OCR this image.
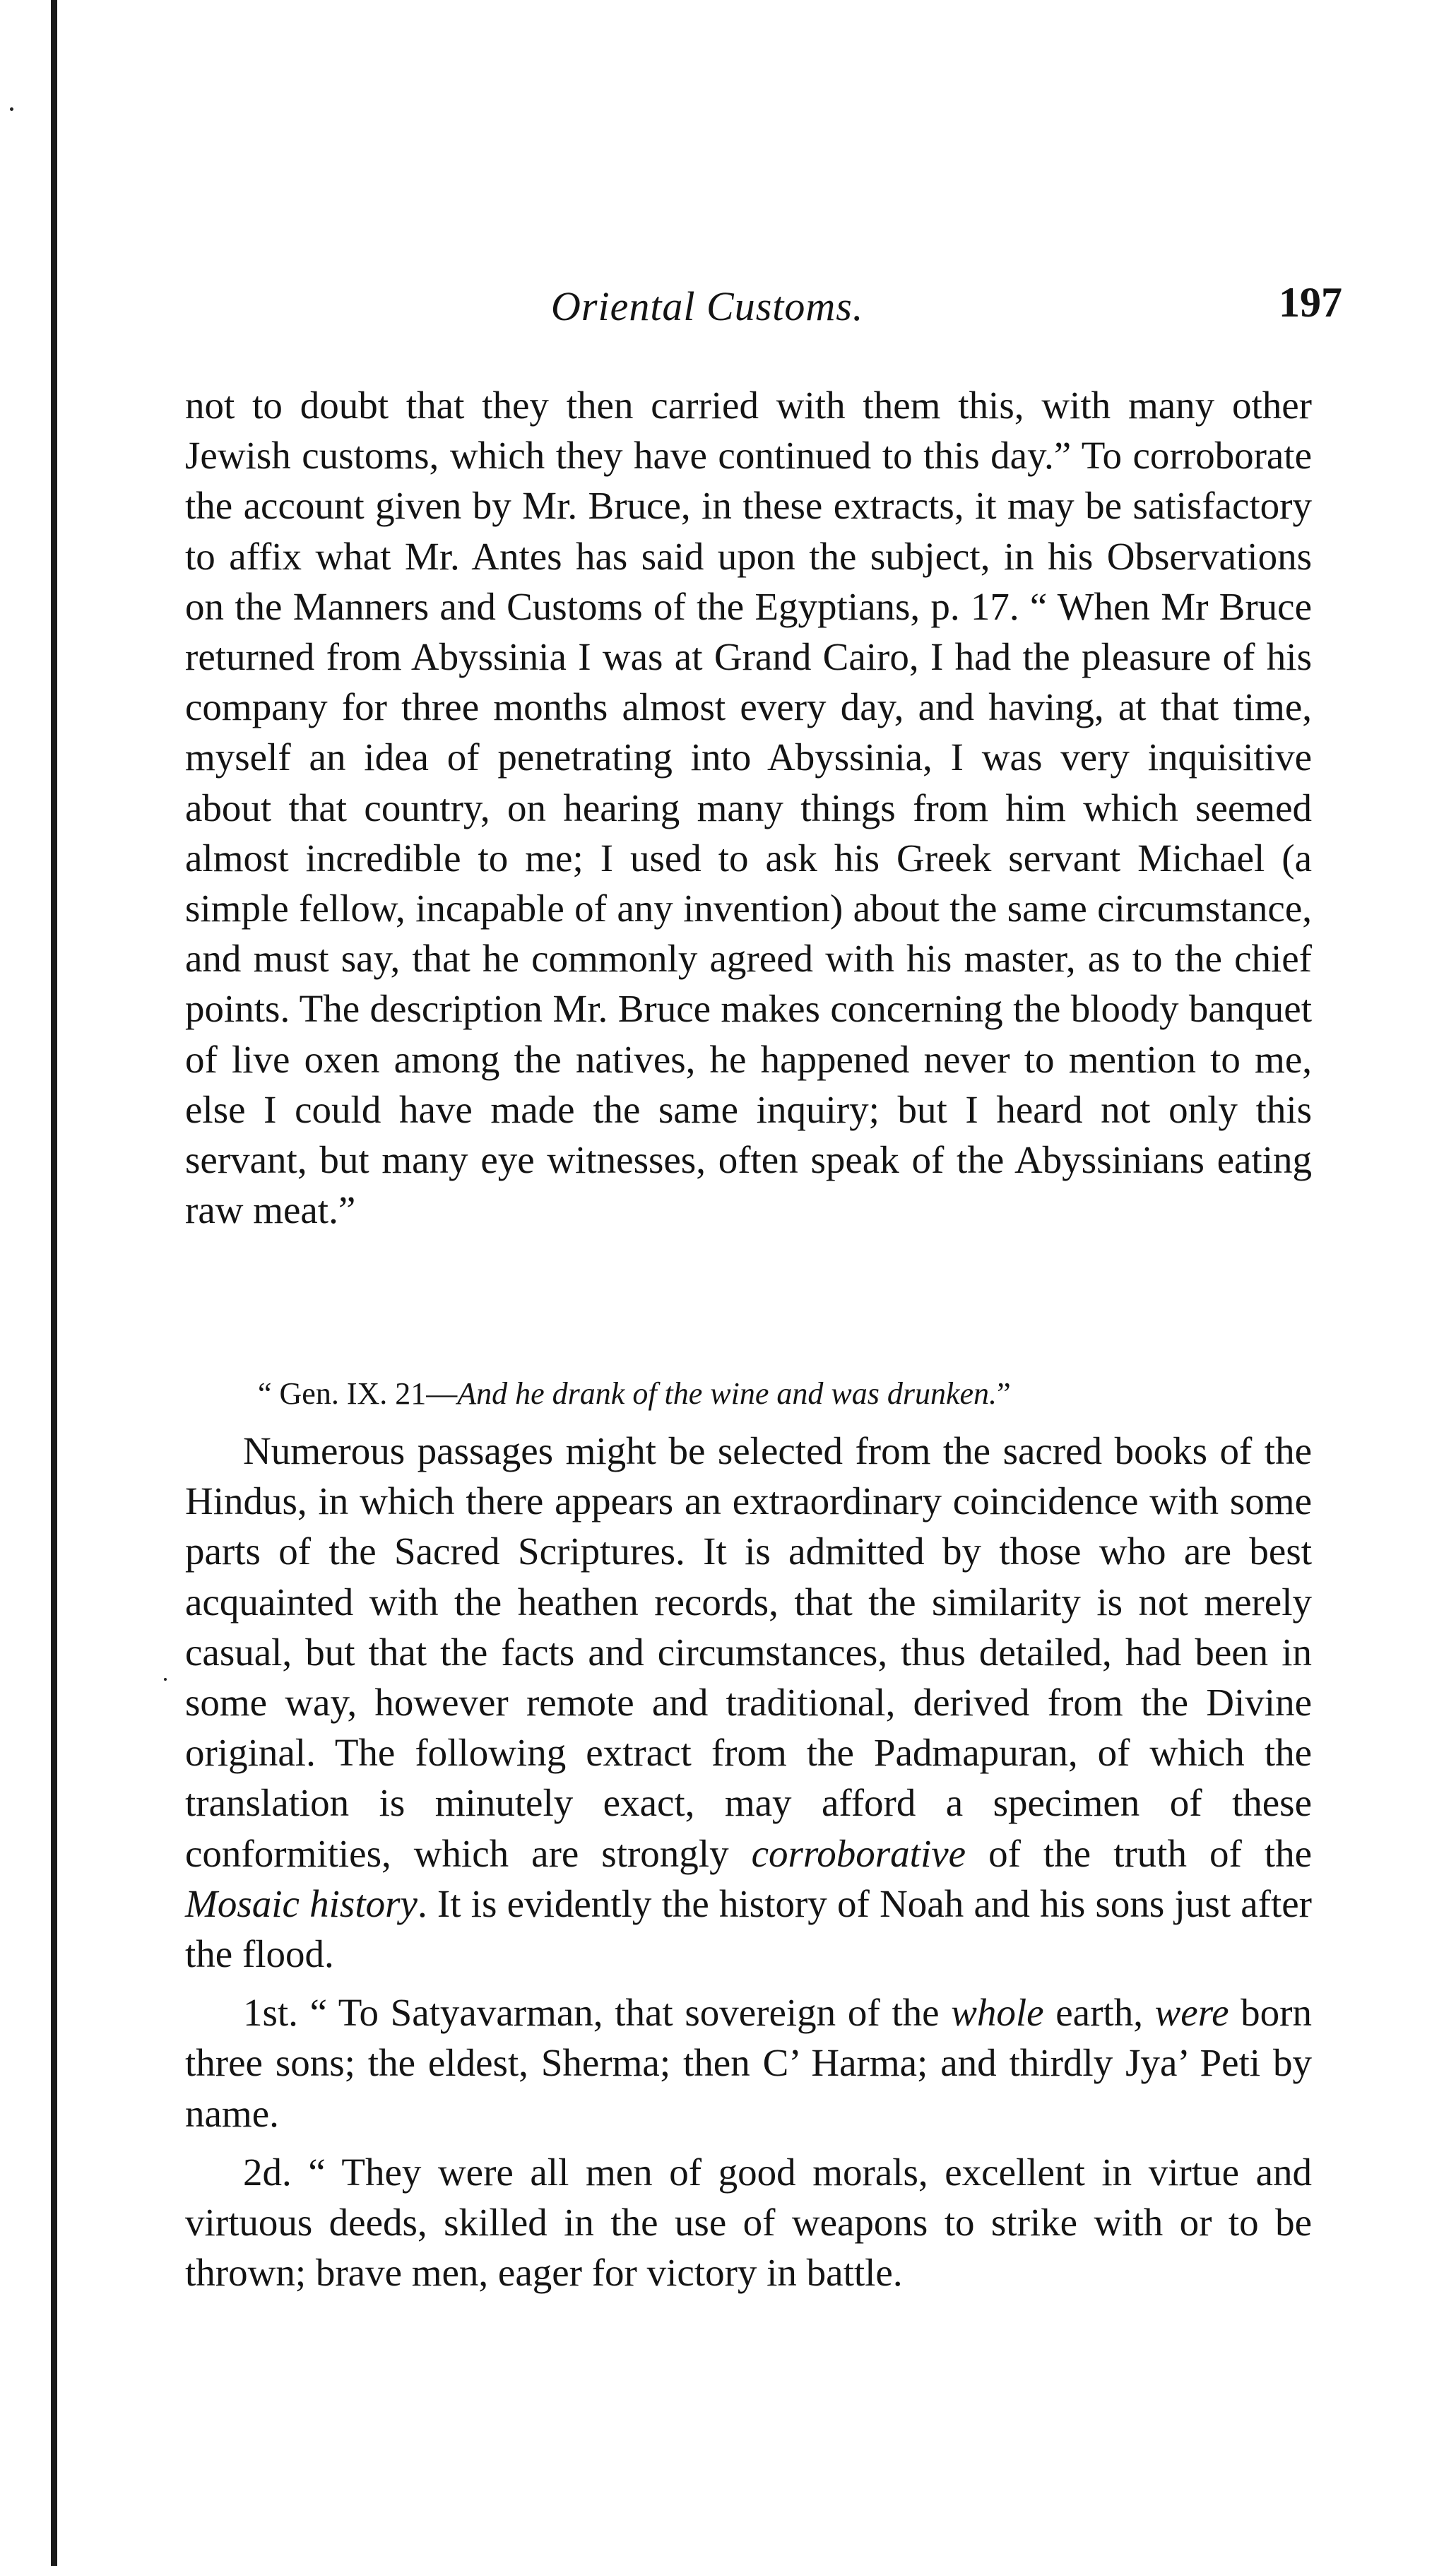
Oriental Customs.	197

not to doubt that they then carried with them this, with many other Jewish customs, which they have continued to this day.” To corroborate the account given by Mr. Bruce, in these extracts, it may be satisfactory to affix what Mr. Antes has said upon the subject, in his Observations on the Manners and Customs of the Egyptians, p. 17. “ When Mr Bruce returned from Abyssinia I was at Grand Cairo, I had the pleasure of his company for three months almost every day, and having, at that time, myself an idea of penetrating into Abyssinia, I was very inquisitive about that country, on hearing many things from him which seemed almost incredible to me; I used to ask his Greek servant Michael (a simple fellow, incapable of any invention) about the same circumstance, and must say, that he commonly agreed with his master, as to the chief points. The description Mr. Bruce makes concerning the bloody banquet of live oxen among the natives, he happened never to mention to me, else I could have made the same inquiry; but I heard not only this servant, but many eye witnesses, often speak of the Abyssinians eating raw meat.”

“ Gen. IX. 21—And he drank of the wine and was drunken.”

Numerous passages might be selected from the sacred books of the Hindus, in which there appears an extraordinary coincidence with some parts of the Sacred Scriptures. It is admitted by those who are best acquainted with the heathen records, that the similarity is not merely casual, but that the facts and circumstances, thus detailed, had been in some way, however remote and traditional, derived from the Divine original. The following extract from the Padmapuran, of which the translation is minutely exact, may afford a specimen of these conformities, which are strongly corroborative of the truth of the Mosaic history. It is evidently the history of Noah and his sons just after the flood.

1st. “ To Satyavarman, that sovereign of the whole earth, were born three sons; the eldest, Sherma; then C’ Harma; and thirdly Jya’ Peti by name.

2d. “ They were all men of good morals, excellent in virtue and virtuous deeds, skilled in the use of weapons to strike with or to be thrown; brave men, eager for victory in battle.
